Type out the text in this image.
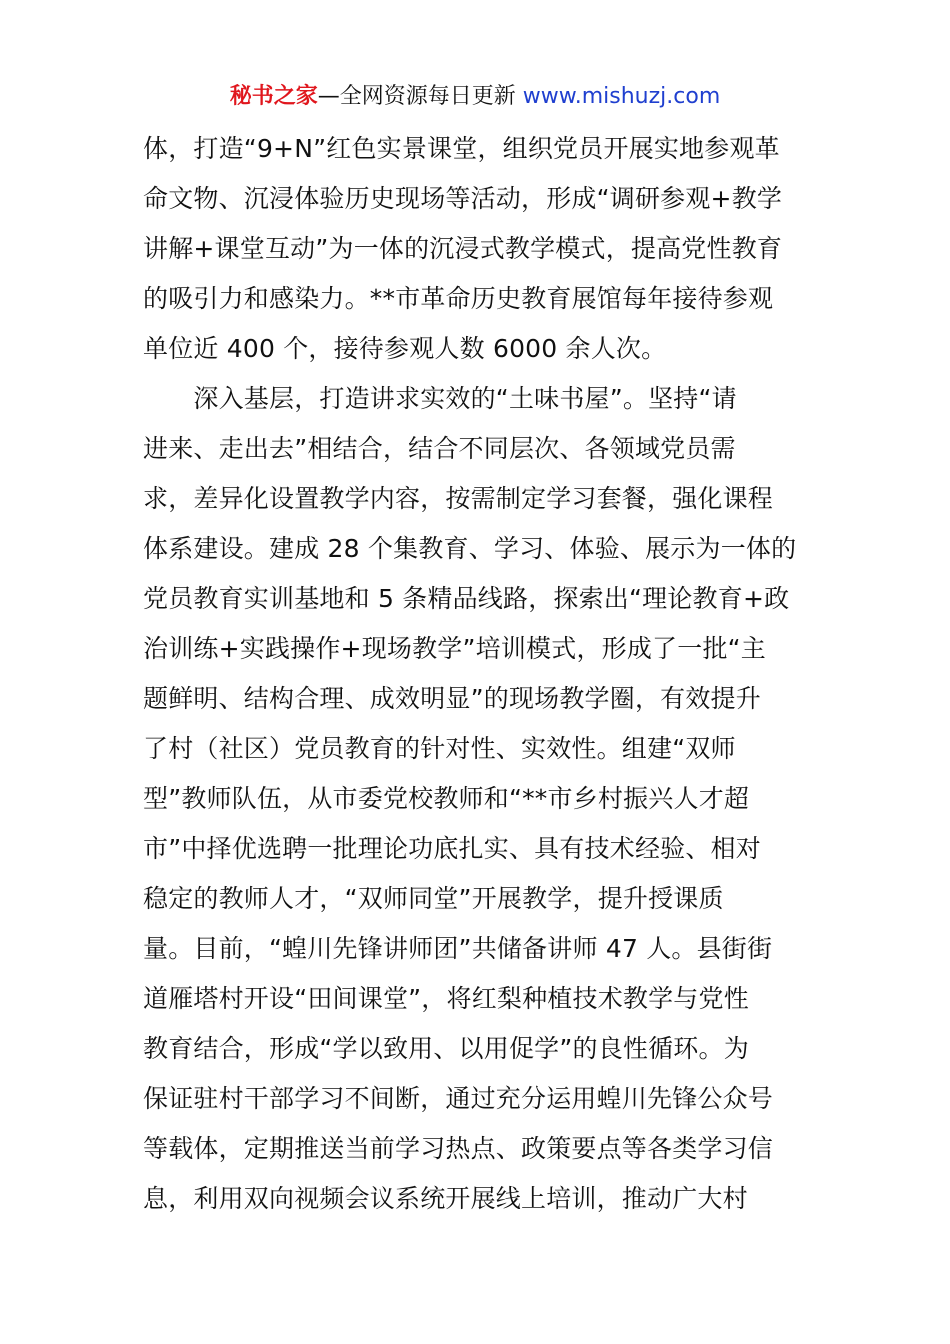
秘书之家—全网资源每日更新 www.mishuzj.com
体，打造“9+N”红色实景课堂，组织党员开展实地参观革
命文物、沉浸体验历史现场等活动，形成“调研参观+教学
讲解+课堂互动”为一体的沉浸式教学模式，提高党性教育
的吸引力和感染力。**市革命历史教育展馆每年接待参观
单位近 400 个，接待参观人数 6000 余人次。
　　深入基层，打造讲求实效的“土味书屋”。坚持“请
进来、走出去”相结合，结合不同层次、各领域党员需
求，差异化设置教学内容，按需制定学习套餐，强化课程
体系建设。建成 28 个集教育、学习、体验、展示为一体的
党员教育实训基地和 5 条精品线路，探索出“理论教育+政
治训练+实践操作+现场教学”培训模式，形成了一批“主
题鲜明、结构合理、成效明显”的现场教学圈，有效提升
了村（社区）党员教育的针对性、实效性。组建“双师
型”教师队伍，从市委党校教师和“**市乡村振兴人才超
市”中择优选聘一批理论功底扎实、具有技术经验、相对
稳定的教师人才，“双师同堂”开展教学，提升授课质
量。目前，“蝗川先锋讲师团”共储备讲师 47 人。县街街
道雁塔村开设“田间课堂”，将红梨种植技术教学与党性
教育结合，形成“学以致用、以用促学”的良性循环。为
保证驻村干部学习不间断，通过充分运用蝗川先锋公众号
等载体，定期推送当前学习热点、政策要点等各类学习信
息，利用双向视频会议系统开展线上培训，推动广大村
